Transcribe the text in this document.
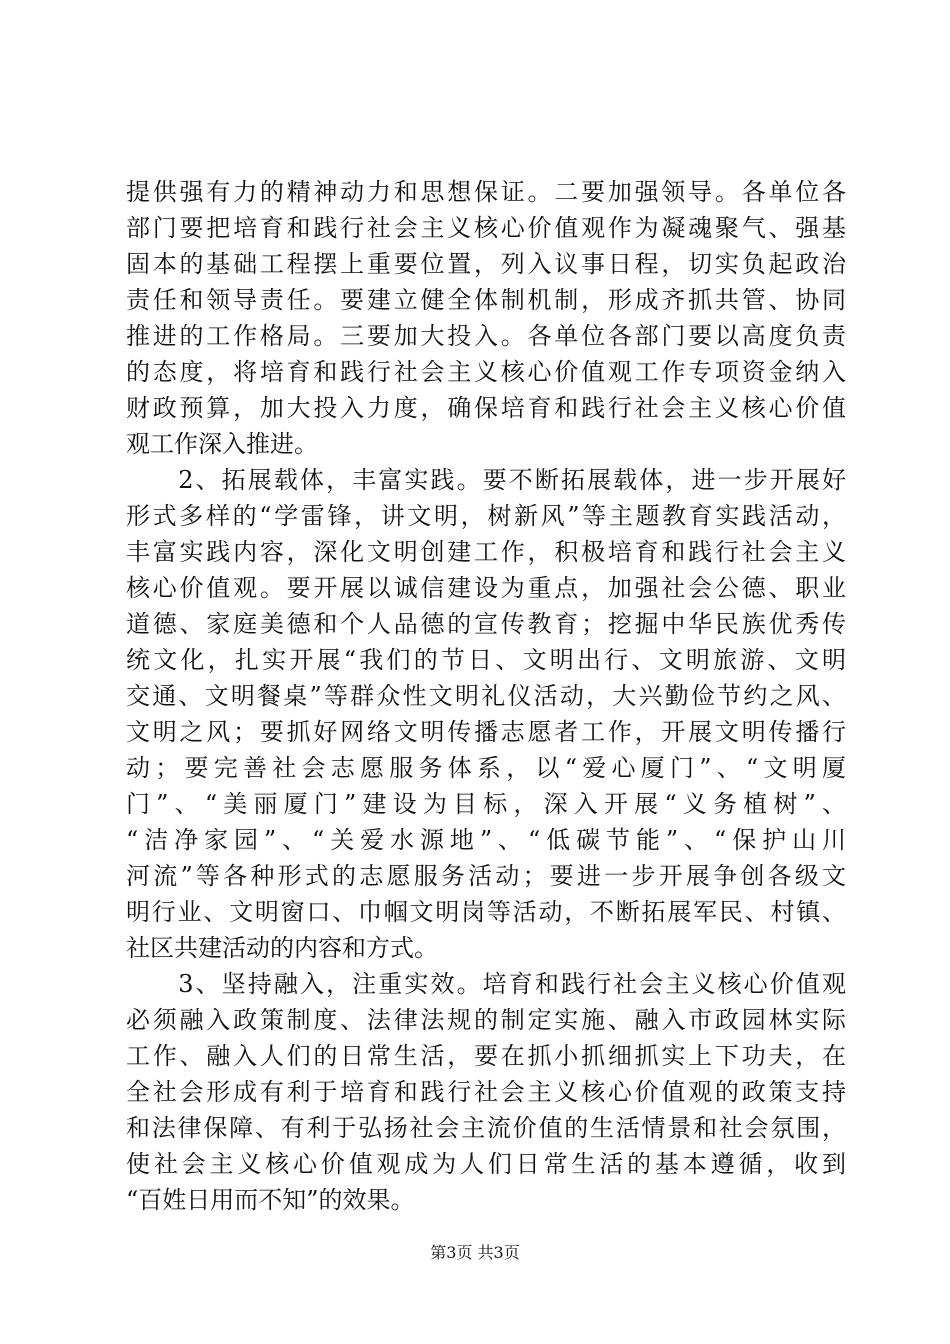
提供强有力的精神动力和思想保证。二要加强领导。各单位各
部门要把培育和践行社会主义核心价值观作为凝魂聚气、强基
固本的基础工程摆上重要位置，列入议事日程，切实负起政治
责任和领导责任。要建立健全体制机制，形成齐抓共管、协同
推进的工作格局。三要加大投入。各单位各部门要以高度负责
的态度，将培育和践行社会主义核心价值观工作专项资金纳入
财政预算，加大投入力度，确保培育和践行社会主义核心价值
观工作深入推进。
　　2、拓展载体，丰富实践。要不断拓展载体，进一步开展好
形式多样的“学雷锋，讲文明，树新风”等主题教育实践活动，
丰富实践内容，深化文明创建工作，积极培育和践行社会主义
核心价值观。要开展以诚信建设为重点，加强社会公德、职业
道德、家庭美德和个人品德的宣传教育；挖掘中华民族优秀传
统文化，扎实开展“我们的节日、文明出行、文明旅游、文明
交通、文明餐桌”等群众性文明礼仪活动，大兴勤俭节约之风、
文明之风；要抓好网络文明传播志愿者工作，开展文明传播行
动；要完善社会志愿服务体系，以“爱心厦门”、“文明厦
门”、“美丽厦门”建设为目标，深入开展“义务植树”、
“洁净家园”、“关爱水源地”、“低碳节能”、“保护山川
河流”等各种形式的志愿服务活动；要进一步开展争创各级文
明行业、文明窗口、巾帼文明岗等活动，不断拓展军民、村镇、
社区共建活动的内容和方式。
　　3、坚持融入，注重实效。培育和践行社会主义核心价值观
必须融入政策制度、法律法规的制定实施、融入市政园林实际
工作、融入人们的日常生活，要在抓小抓细抓实上下功夫，在
全社会形成有利于培育和践行社会主义核心价值观的政策支持
和法律保障、有利于弘扬社会主流价值的生活情景和社会氛围，
使社会主义核心价值观成为人们日常生活的基本遵循，收到
“百姓日用而不知”的效果。
第3页 共3页
